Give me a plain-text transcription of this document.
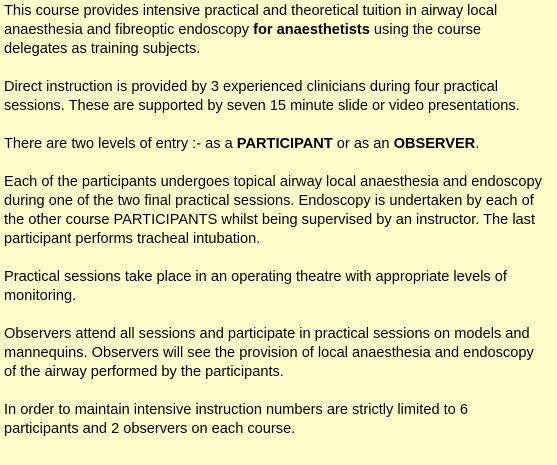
This course provides intensive practical and theoretical tuition in airway local anaesthesia and fibreoptic endoscopy for anaesthetists using the course delegates as training subjects.

Direct instruction is provided by 3 experienced clinicians during four practical sessions. These are supported by seven 15 minute slide or video presentations.

There are two levels of entry :- as a PARTICIPANT or as an OBSERVER.

Each of the participants undergoes topical airway local anaesthesia and endoscopy during one of the two final practical sessions. Endoscopy is undertaken by each of the other course PARTICIPANTS whilst being supervised by an instructor. The last participant performs tracheal intubation.

Practical sessions take place in an operating theatre with appropriate levels of monitoring.

Observers attend all sessions and participate in practical sessions on models and mannequins. Observers will see the provision of local anaesthesia and endoscopy of the airway performed by the participants.

In order to maintain intensive instruction numbers are strictly limited to 6 participants and 2 observers on each course.
